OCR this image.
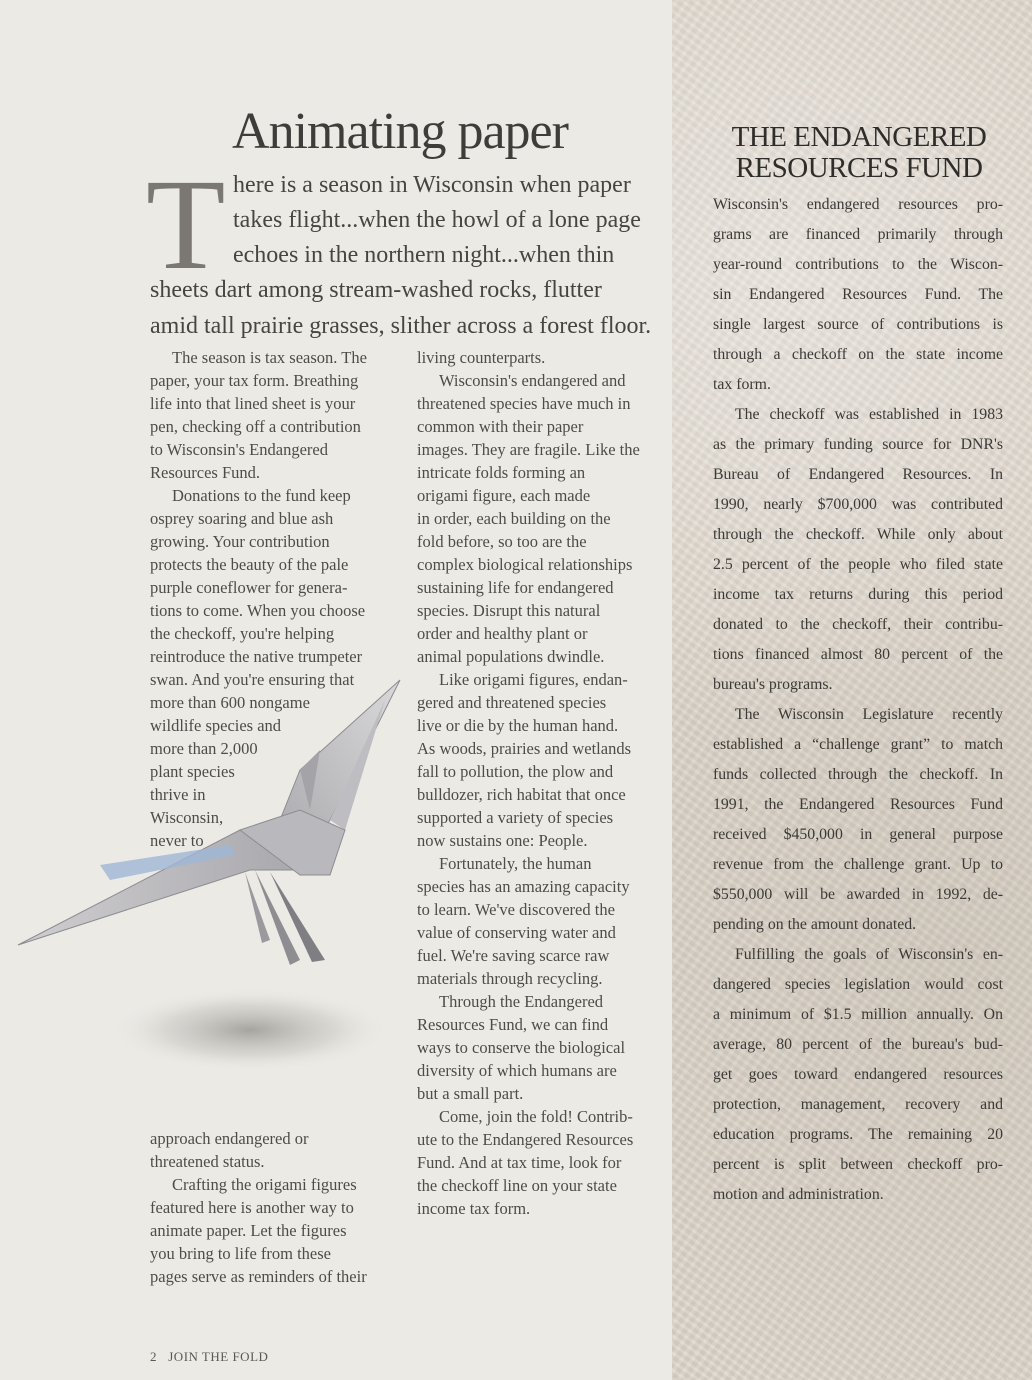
Animating paper
T here is a season in Wisconsin when paper
takes flight...when the howl of a lone page
echoes in the northern night...when thin
sheets dart among stream-washed rocks, flutter
amid tall prairie grasses, slither across a forest floor.
The season is tax season. The
paper, your tax form. Breathing
life into that lined sheet is your
pen, checking off a contribution
to Wisconsin's Endangered
Resources Fund.
Donations to the fund keep
osprey soaring and blue ash
growing. Your contribution
protects the beauty of the pale
purple coneflower for genera-
tions to come. When you choose
the checkoff, you're helping
reintroduce the native trumpeter
swan. And you're ensuring that
more than 600 nongame
wildlife species and
more than 2,000
plant species
thrive in
Wisconsin,
never to
approach endangered or
threatened status.
Crafting the origami figures
featured here is another way to
animate paper. Let the figures
you bring to life from these
pages serve as reminders of their
living counterparts.
Wisconsin's endangered and
threatened species have much in
common with their paper
images. They are fragile. Like the
intricate folds forming an
origami figure, each made
in order, each building on the
fold before, so too are the
complex biological relationships
sustaining life for endangered
species. Disrupt this natural
order and healthy plant or
animal populations dwindle.
Like origami figures, endan-
gered and threatened species
live or die by the human hand.
As woods, prairies and wetlands
fall to pollution, the plow and
bulldozer, rich habitat that once
supported a variety of species
now sustains one: People.
Fortunately, the human
species has an amazing capacity
to learn. We've discovered the
value of conserving water and
fuel. We're saving scarce raw
materials through recycling.
Through the Endangered
Resources Fund, we can find
ways to conserve the biological
diversity of which humans are
but a small part.
Come, join the fold! Contrib-
ute to the Endangered Resources
Fund. And at tax time, look for
the checkoff line on your state
income tax form.
2   JOIN THE FOLD
THE ENDANGERED
RESOURCES FUND
Wisconsin's endangered resources pro-
grams are financed primarily through
year-round contributions to the Wiscon-
sin Endangered Resources Fund. The
single largest source of contributions is
through a checkoff on the state income
tax form.
The checkoff was established in 1983
as the primary funding source for DNR's
Bureau of Endangered Resources. In
1990, nearly $700,000 was contributed
through the checkoff. While only about
2.5 percent of the people who filed state
income tax returns during this period
donated to the checkoff, their contribu-
tions financed almost 80 percent of the
bureau's programs.
The Wisconsin Legislature recently
established a “challenge grant” to match
funds collected through the checkoff. In
1991, the Endangered Resources Fund
received $450,000 in general purpose
revenue from the challenge grant. Up to
$550,000 will be awarded in 1992, de-
pending on the amount donated.
Fulfilling the goals of Wisconsin's en-
dangered species legislation would cost
a minimum of $1.5 million annually. On
average, 80 percent of the bureau's bud-
get goes toward endangered resources
protection, management, recovery and
education programs. The remaining 20
percent is split between checkoff pro-
motion and administration.
